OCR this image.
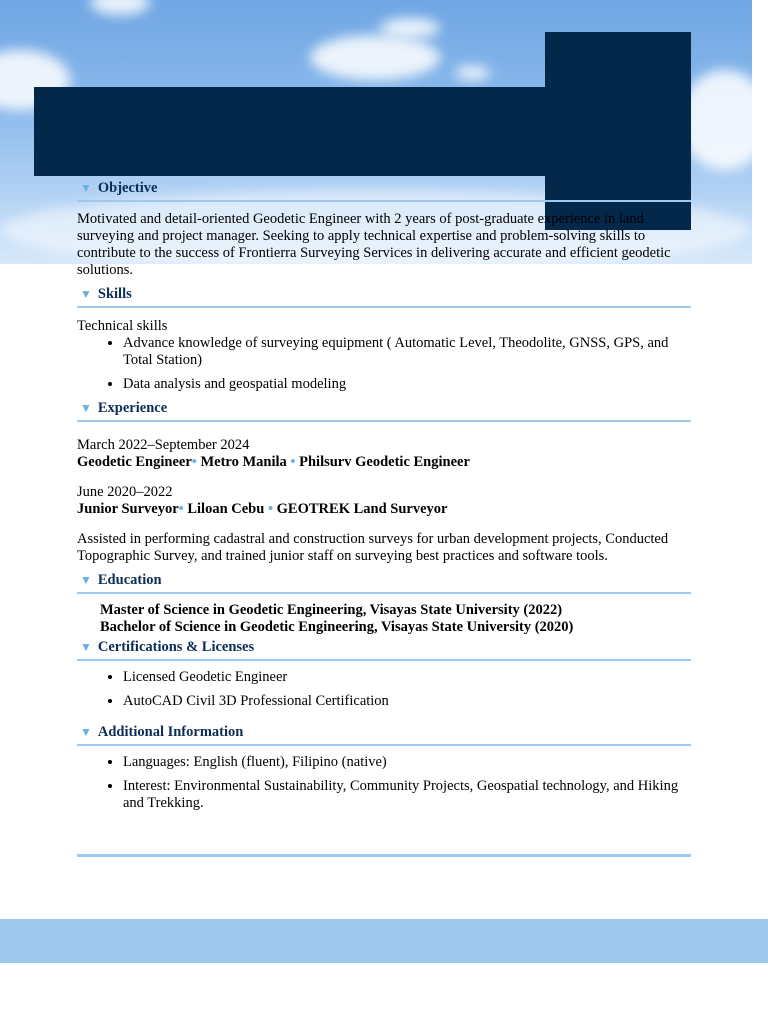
▼ Objective
Motivated and detail-oriented Geodetic Engineer with 2 years of post-graduate experience in land surveying and project manager. Seeking to apply technical expertise and problem-solving skills to contribute to the success of Frontierra Surveying Services in delivering accurate and efficient geodetic solutions.
▼ Skills
Technical skills
• Advance knowledge of surveying equipment ( Automatic Level, Theodolite, GNSS, GPS, and Total Station)
• Data analysis and geospatial modeling
▼ Experience
March 2022–September 2024
Geodetic Engineer• Metro Manila • Philsurv Geodetic Engineer
June 2020–2022
Junior Surveyor• Liloan Cebu • GEOTREK Land Surveyor
Assisted in performing cadastral and construction surveys for urban development projects, Conducted Topographic Survey, and trained junior staff on surveying best practices and software tools.
▼ Education
Master of Science in Geodetic Engineering, Visayas State University (2022)
Bachelor of Science in Geodetic Engineering, Visayas State University (2020)
▼ Certifications & Licenses
• Licensed Geodetic Engineer
• AutoCAD Civil 3D Professional Certification
▼ Additional Information
• Languages: English (fluent), Filipino (native)
• Interest: Environmental Sustainability, Community Projects, Geospatial technology, and Hiking and Trekking.
